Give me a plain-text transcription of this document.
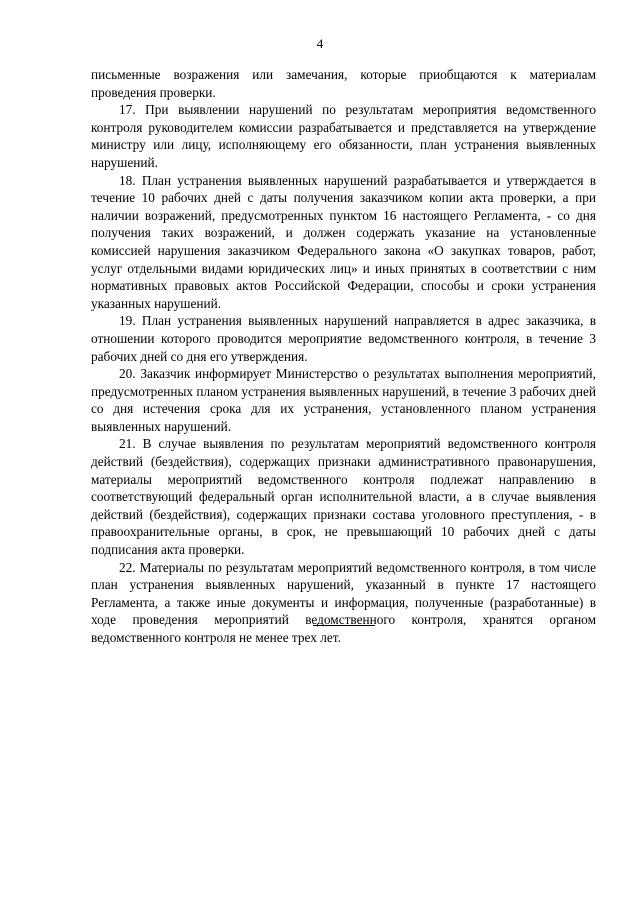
4

письменные возражения или замечания, которые приобщаются к материалам проведения проверки.

17. При выявлении нарушений по результатам мероприятия ведомственного контроля руководителем комиссии разрабатывается и представляется на утверждение министру или лицу, исполняющему его обязанности, план устранения выявленных нарушений.

18. План устранения выявленных нарушений разрабатывается и утверждается в течение 10 рабочих дней с даты получения заказчиком копии акта проверки, а при наличии возражений, предусмотренных пунктом 16 настоящего Регламента, - со дня получения таких возражений, и должен содержать указание на установленные комиссией нарушения заказчиком Федерального закона «О закупках товаров, работ, услуг отдельными видами юридических лиц» и иных принятых в соответствии с ним нормативных правовых актов Российской Федерации, способы и сроки устранения указанных нарушений.

19. План устранения выявленных нарушений направляется в адрес заказчика, в отношении которого проводится мероприятие ведомственного контроля, в течение 3 рабочих дней со дня его утверждения.

20. Заказчик информирует Министерство о результатах выполнения мероприятий, предусмотренных планом устранения выявленных нарушений, в течение 3 рабочих дней со дня истечения срока для их устранения, установленного планом устранения выявленных нарушений.

21. В случае выявления по результатам мероприятий ведомственного контроля действий (бездействия), содержащих признаки административного правонарушения, материалы мероприятий ведомственного контроля подлежат направлению в соответствующий федеральный орган исполнительной власти, а в случае выявления действий (бездействия), содержащих признаки состава уголовного преступления, - в правоохранительные органы, в срок, не превышающий 10 рабочих дней с даты подписания акта проверки.

22. Материалы по результатам мероприятий ведомственного контроля, в том числе план устранения выявленных нарушений, указанный в пункте 17 настоящего Регламента, а также иные документы и информация, полученные (разработанные) в ходе проведения мероприятий ведомственного контроля, хранятся органом ведомственного контроля не менее трех лет.
